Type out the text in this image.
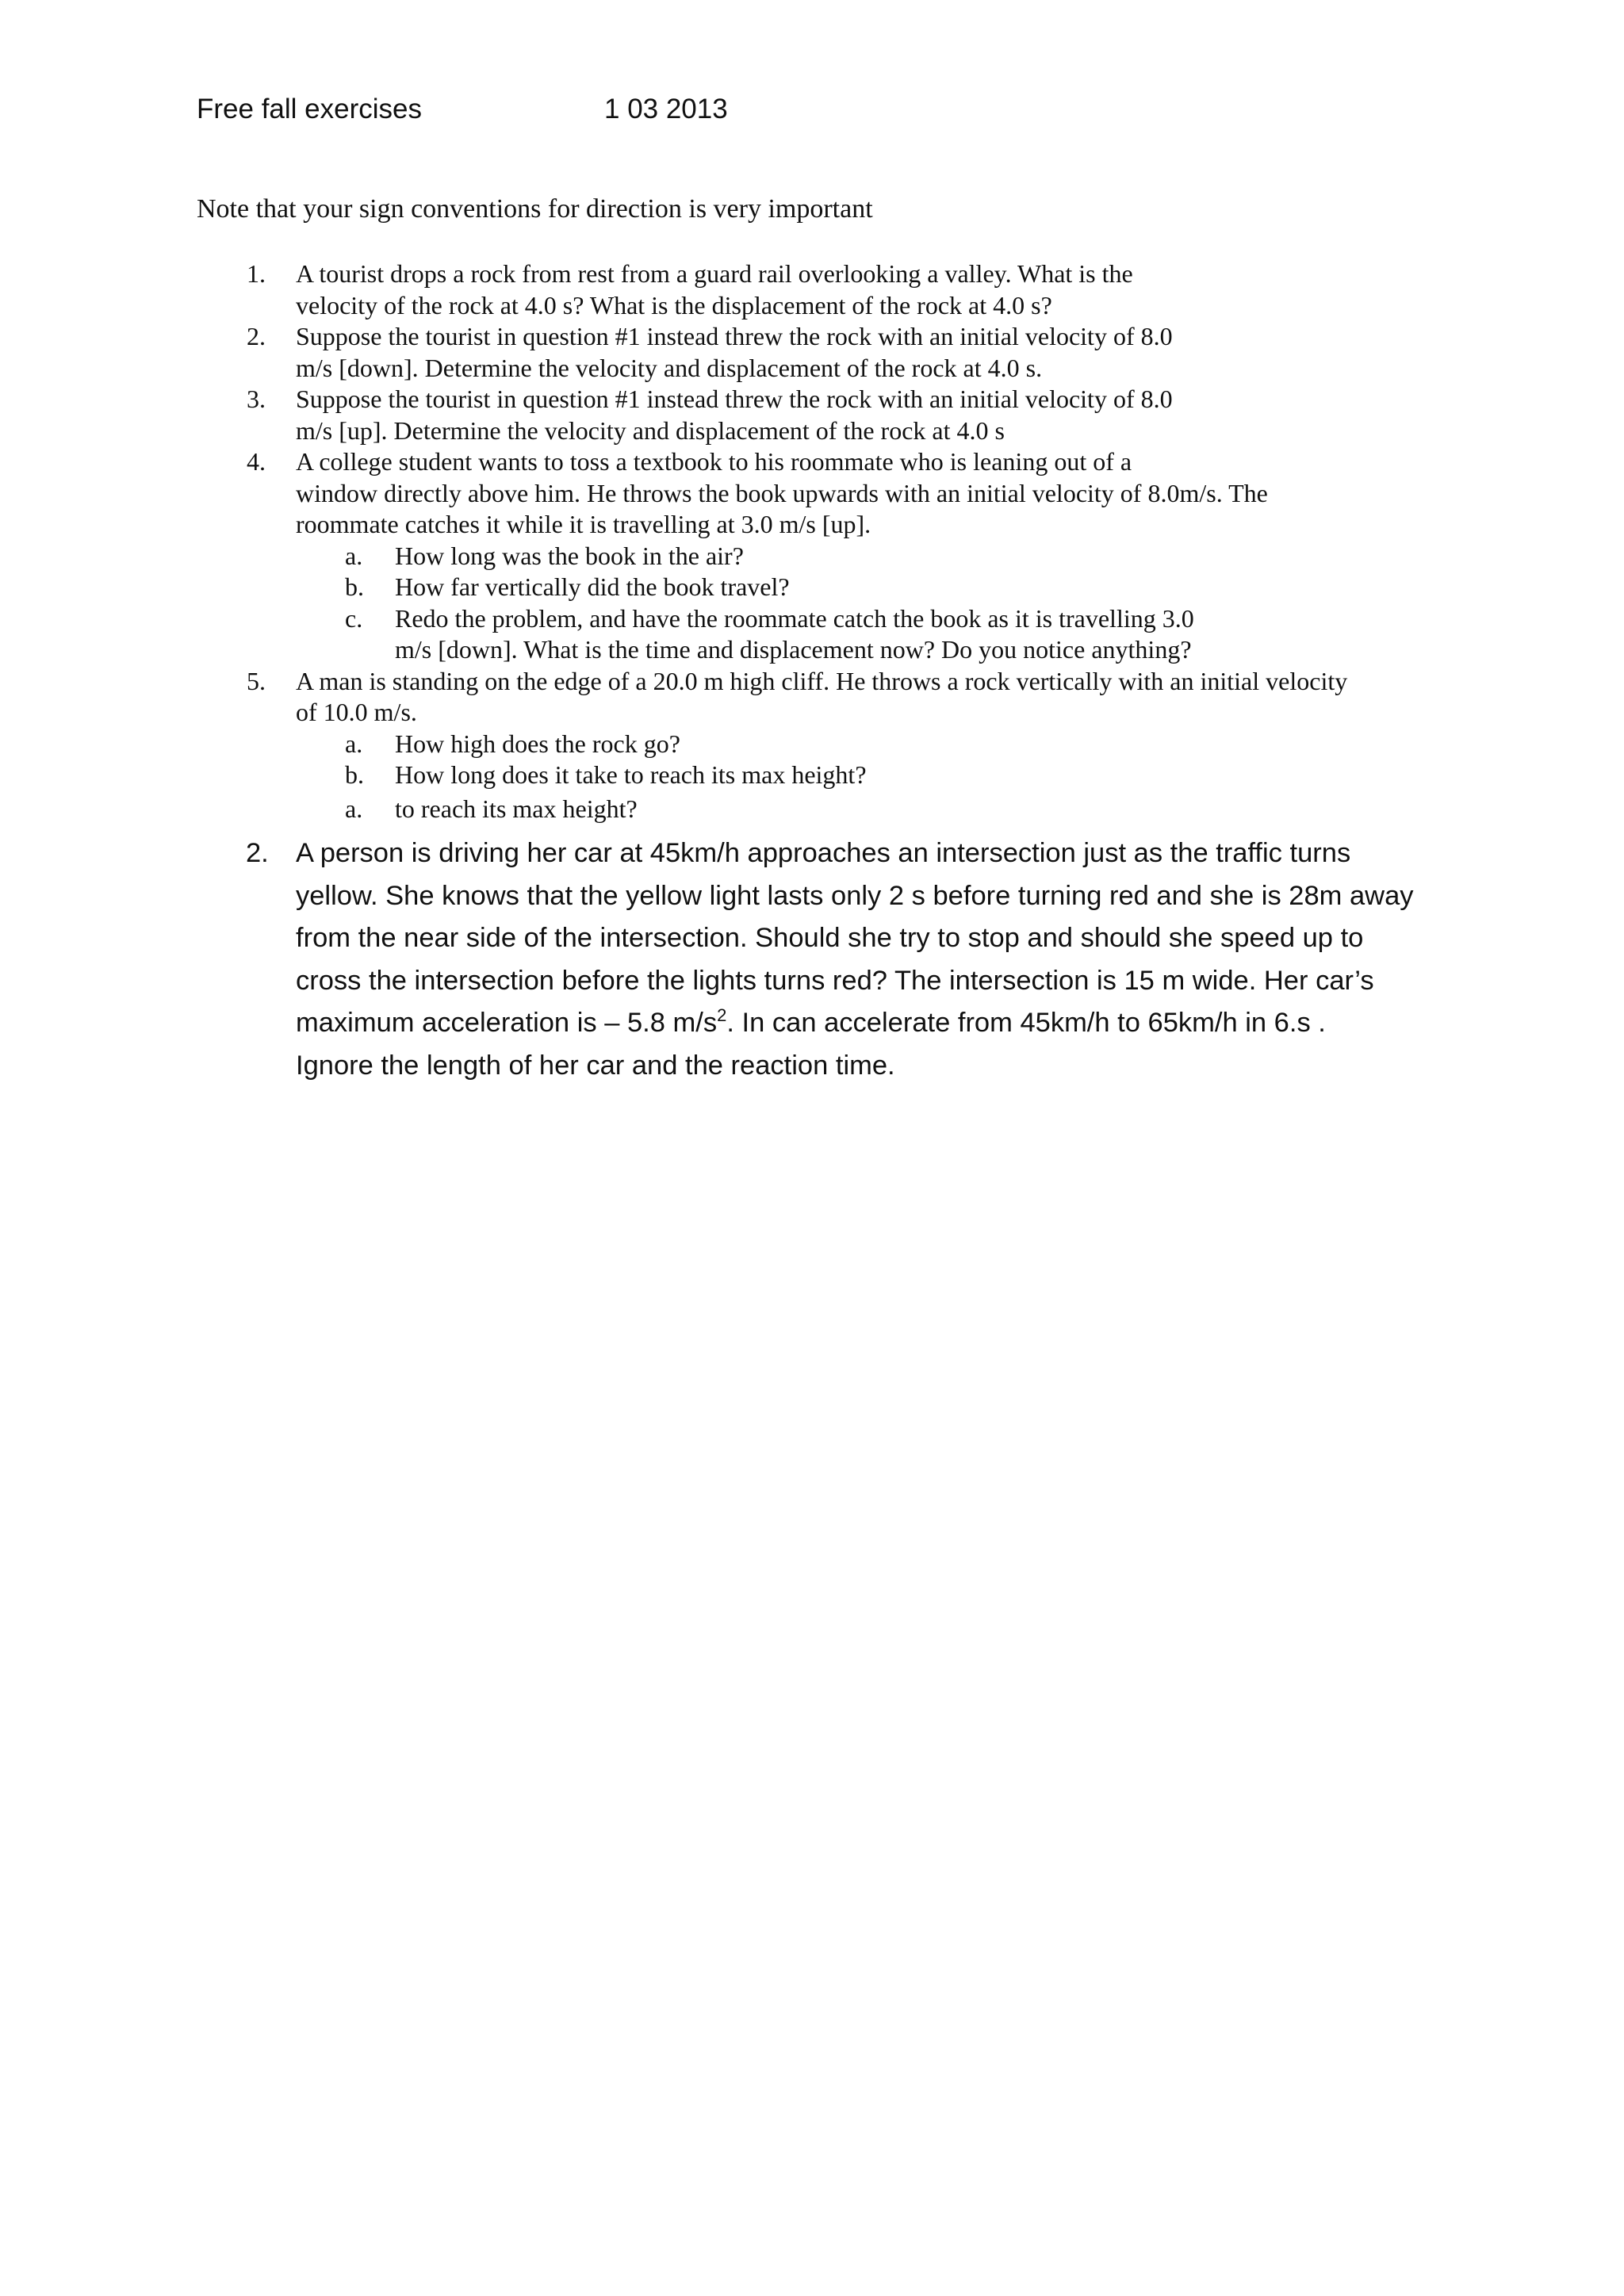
Free fall exercises	1 03 2013
Note that your sign conventions for direction is very important
1. A tourist drops a rock from rest from a guard rail overlooking a valley. What is the
velocity of the rock at 4.0 s? What is the displacement of the rock at 4.0 s?
2. Suppose the tourist in question #1 instead threw the rock with an initial velocity of 8.0
m/s [down]. Determine the velocity and displacement of the rock at 4.0 s.
3. Suppose the tourist in question #1 instead threw the rock with an initial velocity of 8.0
m/s [up]. Determine the velocity and displacement of the rock at 4.0 s
4. A college student wants to toss a textbook to his roommate who is leaning out of a
window directly above him. He throws the book upwards with an initial velocity of 8.0m/s. The
roommate catches it while it is travelling at 3.0 m/s [up].
a. How long was the book in the air?
b. How far vertically did the book travel?
c. Redo the problem, and have the roommate catch the book as it is travelling 3.0
m/s [down]. What is the time and displacement now? Do you notice anything?
5. A man is standing on the edge of a 20.0 m high cliff. He throws a rock vertically with an initial velocity
of 10.0 m/s.
a. How high does the rock go?
b. How long does it take to reach its max height?
a. to reach its max height?
2. A person is driving her car at 45km/h approaches an intersection just as the traffic turns
yellow. She knows that the yellow light lasts only 2 s before turning red and she is 28m away
from the near side of the intersection. Should she try to stop and should she speed up to
cross the intersection before the lights turns red? The intersection is 15 m wide. Her car’s
maximum acceleration is – 5.8 $m/s^2$. In can accelerate from 45km/h to 65km/h in 6.s .
Ignore the length of her car and the reaction time.
